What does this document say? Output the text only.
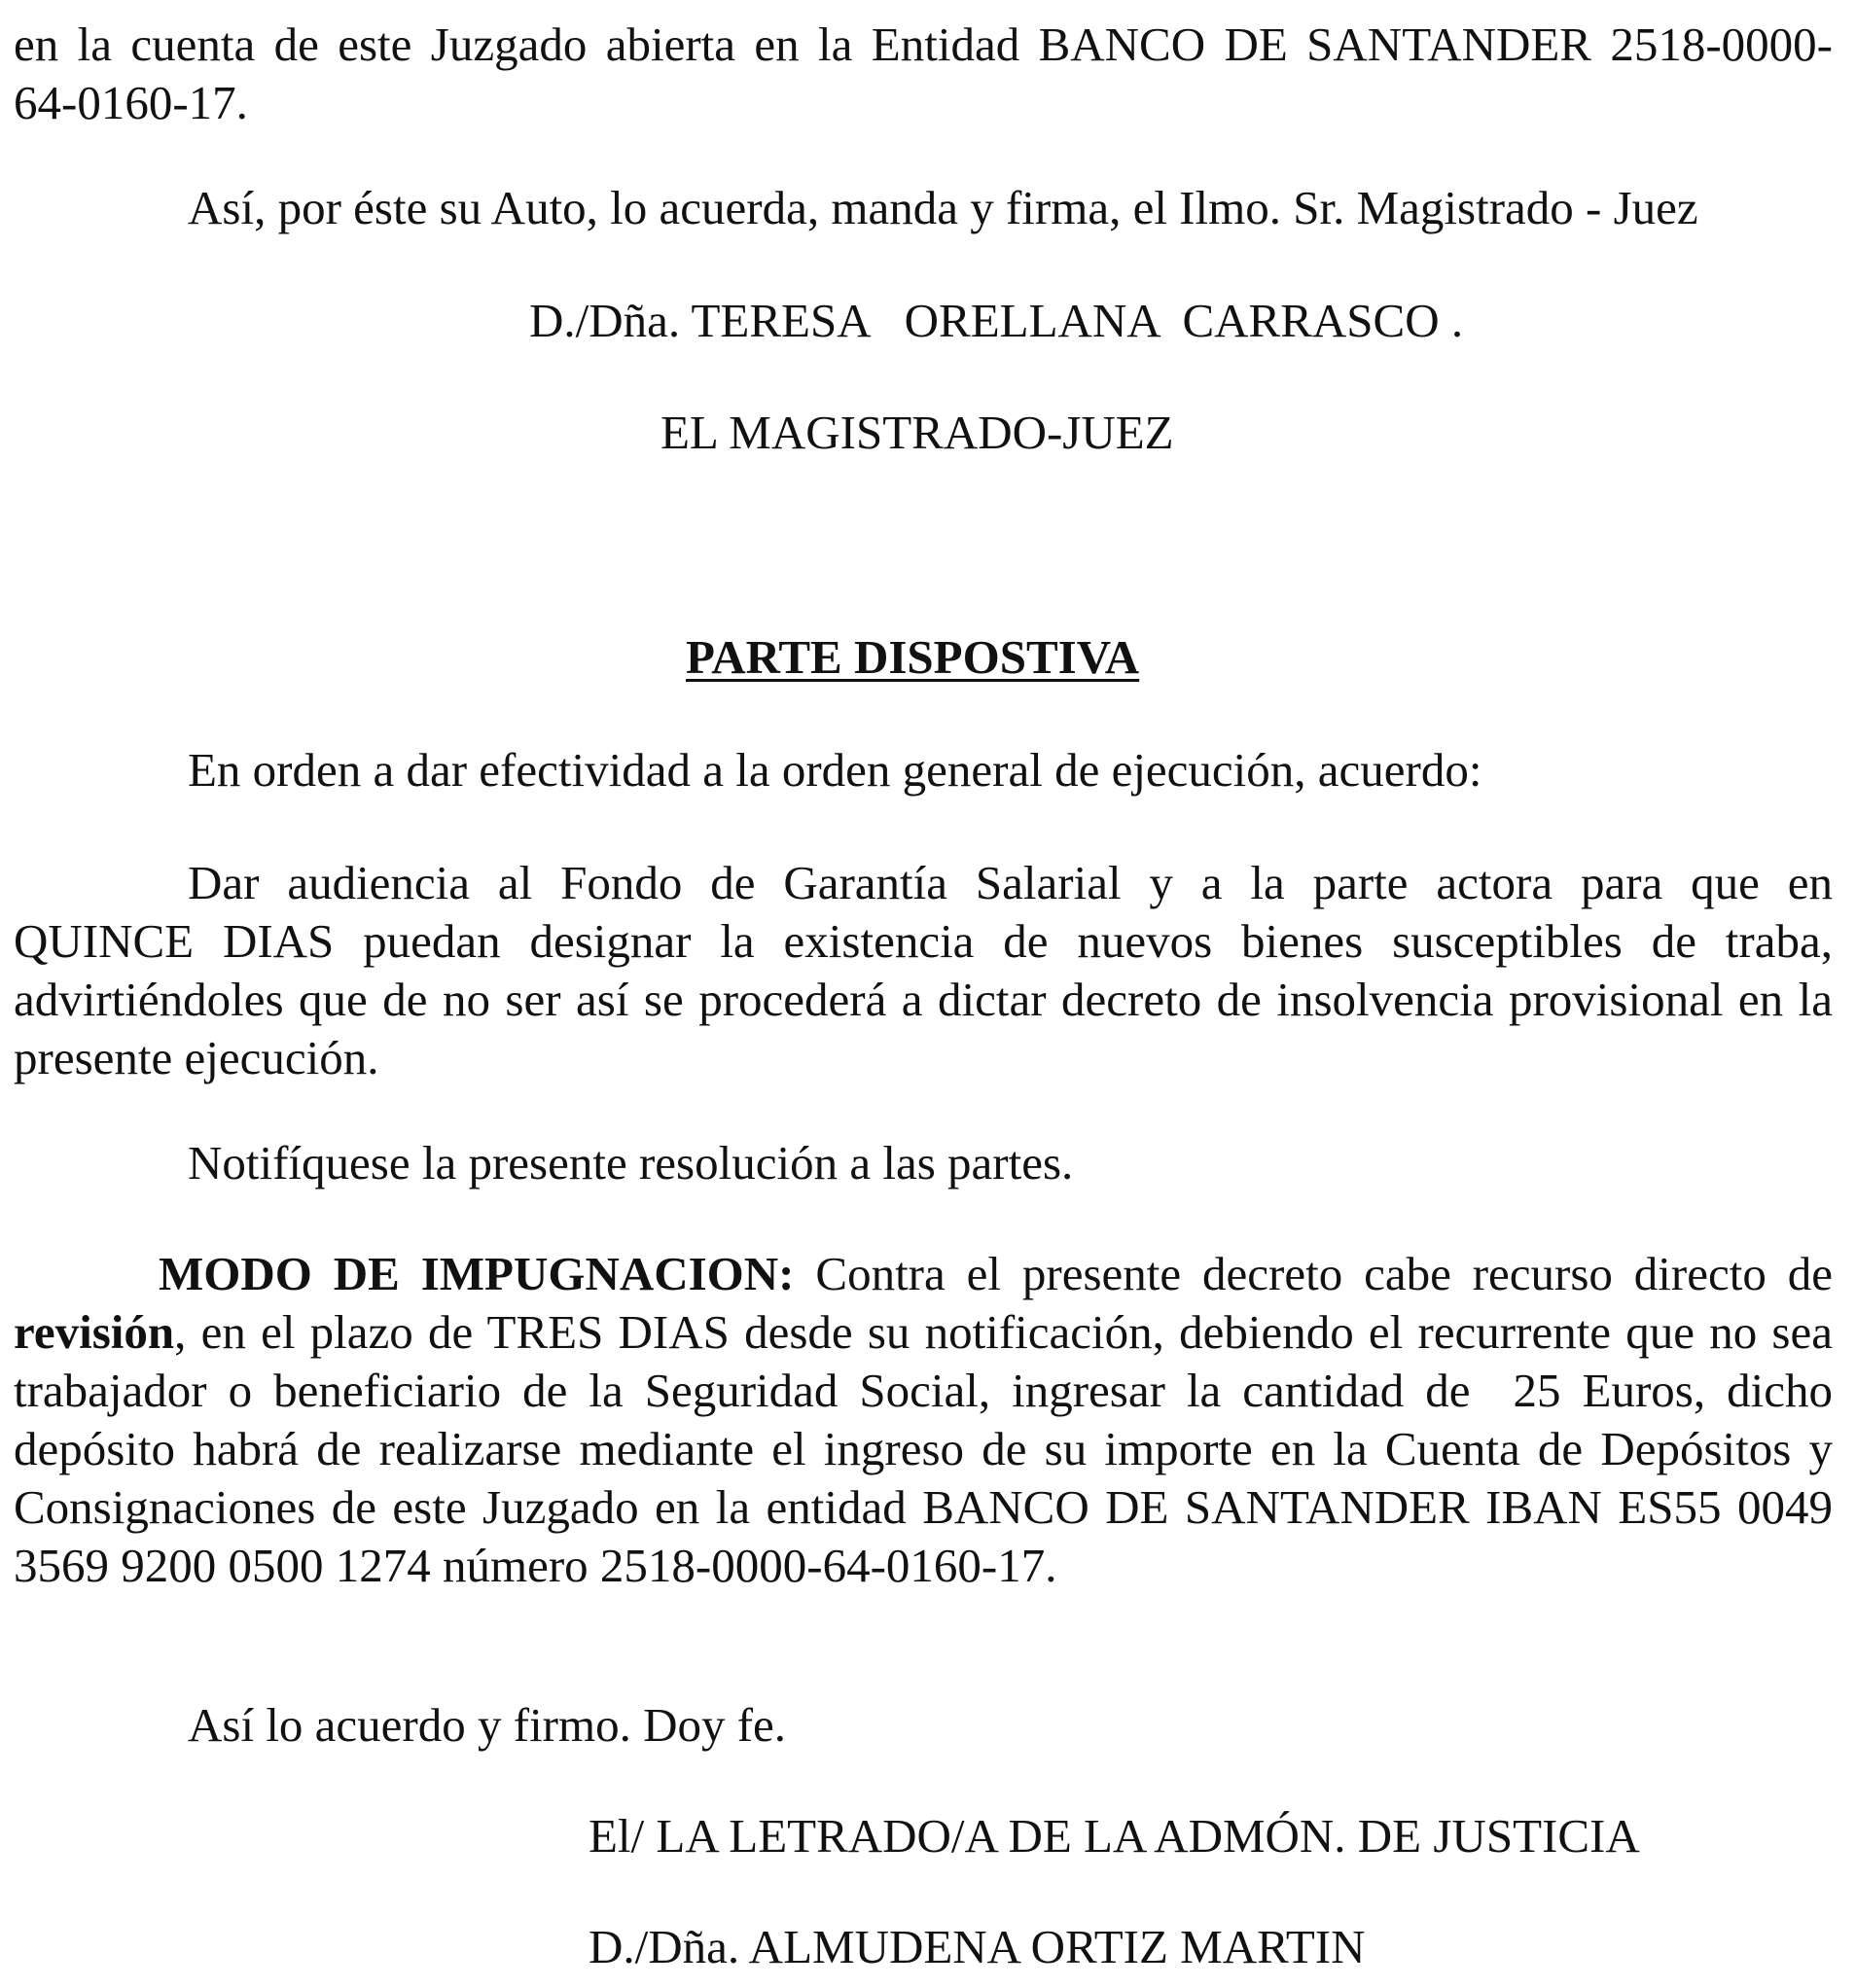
en la cuenta de este Juzgado abierta en la Entidad BANCO DE SANTANDER 2518-0000-
64-0160-17.
Así, por éste su Auto, lo acuerda, manda y firma, el Ilmo. Sr. Magistrado - Juez
D./Dña. TERESA   ORELLANA  CARRASCO .
EL MAGISTRADO-JUEZ
PARTE DISPOSTIVA
En orden a dar efectividad a la orden general de ejecución, acuerdo:
Dar audiencia al Fondo de Garantía Salarial y a la parte actora para que en
QUINCE DIAS puedan designar la existencia de nuevos bienes susceptibles de traba,
advirtiéndoles que de no ser así se procederá a dictar decreto de insolvencia provisional en la
presente ejecución.
Notifíquese la presente resolución a las partes.
MODO DE IMPUGNACION: Contra el presente decreto cabe recurso directo de
revisión, en el plazo de TRES DIAS desde su notificación, debiendo el recurrente que no sea
trabajador o beneficiario de la Seguridad Social, ingresar la cantidad de  25 Euros, dicho
depósito habrá de realizarse mediante el ingreso de su importe en la Cuenta de Depósitos y
Consignaciones de este Juzgado en la entidad BANCO DE SANTANDER IBAN ES55 0049
3569 9200 0500 1274 número 2518-0000-64-0160-17.
Así lo acuerdo y firmo. Doy fe.
El/ LA LETRADO/A DE LA ADMÓN. DE JUSTICIA
D./Dña. ALMUDENA ORTIZ MARTIN
